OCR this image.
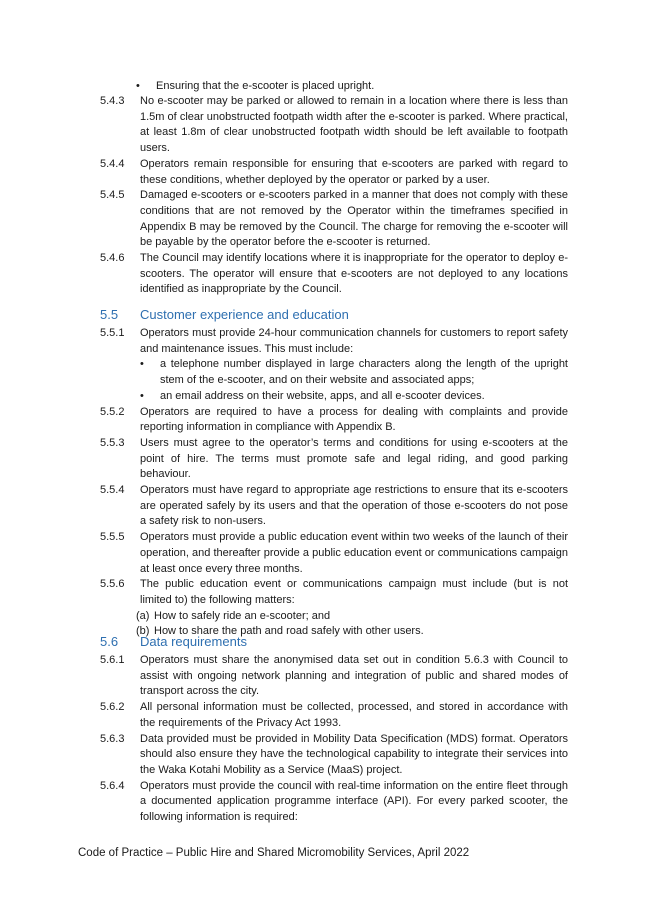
• Ensuring that the e-scooter is placed upright.
5.4.3 No e-scooter may be parked or allowed to remain in a location where there is less than 1.5m of clear unobstructed footpath width after the e-scooter is parked. Where practical, at least 1.8m of clear unobstructed footpath width should be left available to footpath users.
5.4.4 Operators remain responsible for ensuring that e-scooters are parked with regard to these conditions, whether deployed by the operator or parked by a user.
5.4.5 Damaged e-scooters or e-scooters parked in a manner that does not comply with these conditions that are not removed by the Operator within the timeframes specified in Appendix B may be removed by the Council. The charge for removing the e-scooter will be payable by the operator before the e-scooter is returned.
5.4.6 The Council may identify locations where it is inappropriate for the operator to deploy e-scooters. The operator will ensure that e-scooters are not deployed to any locations identified as inappropriate by the Council.
5.5 Customer experience and education
5.5.1 Operators must provide 24-hour communication channels for customers to report safety and maintenance issues. This must include:
• a telephone number displayed in large characters along the length of the upright stem of the e-scooter, and on their website and associated apps;
• an email address on their website, apps, and all e-scooter devices.
5.5.2 Operators are required to have a process for dealing with complaints and provide reporting information in compliance with Appendix B.
5.5.3 Users must agree to the operator’s terms and conditions for using e-scooters at the point of hire. The terms must promote safe and legal riding, and good parking behaviour.
5.5.4 Operators must have regard to appropriate age restrictions to ensure that its e-scooters are operated safely by its users and that the operation of those e-scooters do not pose a safety risk to non-users.
5.5.5 Operators must provide a public education event within two weeks of the launch of their operation, and thereafter provide a public education event or communications campaign at least once every three months.
5.5.6 The public education event or communications campaign must include (but is not limited to) the following matters:
(a) How to safely ride an e-scooter; and
(b) How to share the path and road safely with other users.
5.6 Data requirements
5.6.1 Operators must share the anonymised data set out in condition 5.6.3 with Council to assist with ongoing network planning and integration of public and shared modes of transport across the city.
5.6.2 All personal information must be collected, processed, and stored in accordance with the requirements of the Privacy Act 1993.
5.6.3 Data provided must be provided in Mobility Data Specification (MDS) format. Operators should also ensure they have the technological capability to integrate their services into the Waka Kotahi Mobility as a Service (MaaS) project.
5.6.4 Operators must provide the council with real-time information on the entire fleet through a documented application programme interface (API). For every parked scooter, the following information is required:
Code of Practice – Public Hire and Shared Micromobility Services, April 2022
